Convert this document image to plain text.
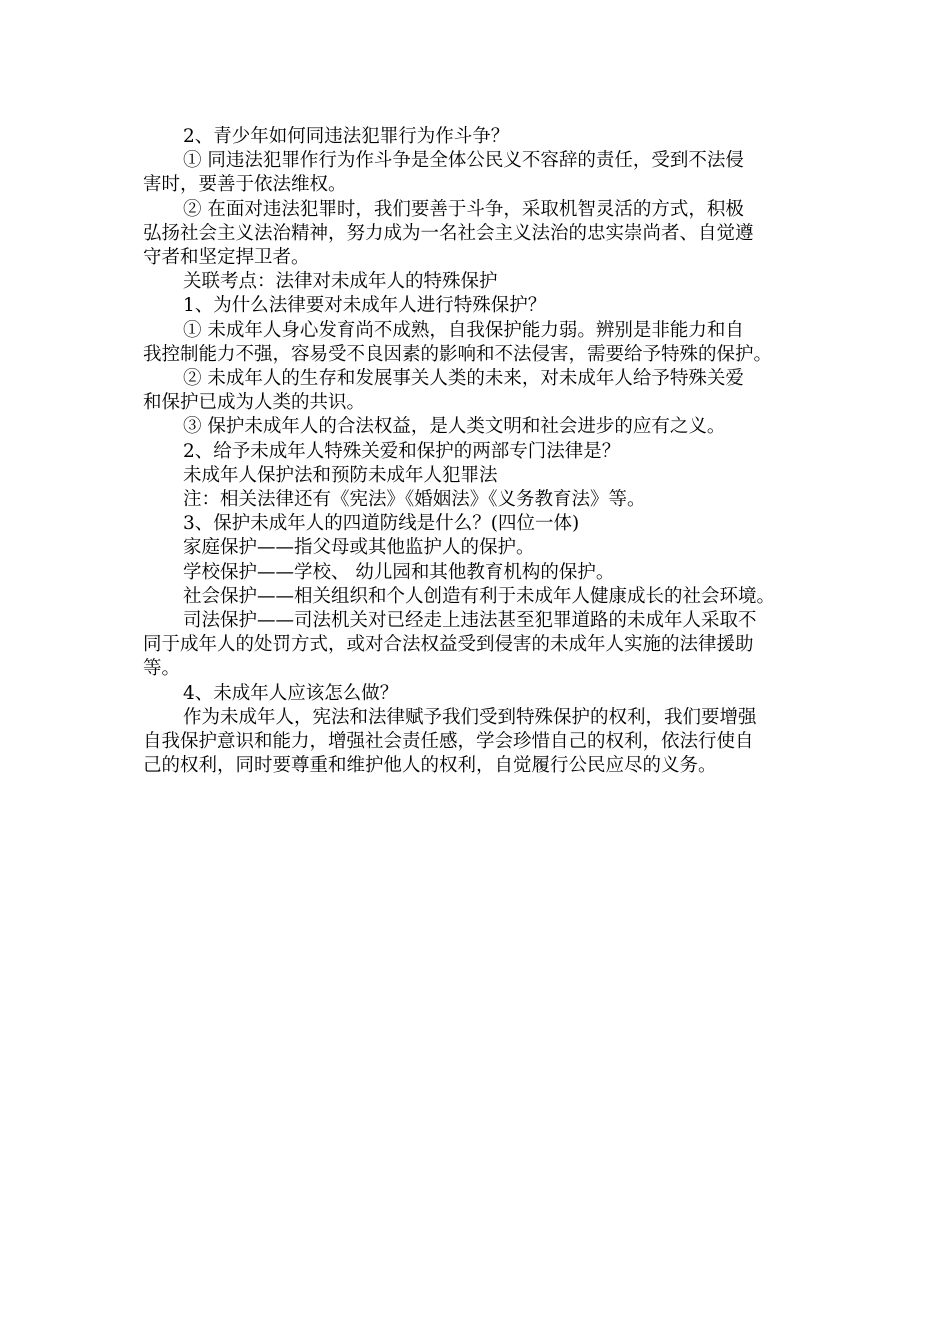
2、青少年如何同违法犯罪行为作斗争？

① 同违法犯罪作行为作斗争是全体公民义不容辞的责任，受到不法侵

害时，要善于依法维权。

② 在面对违法犯罪时，我们要善于斗争，采取机智灵活的方式，积极

弘扬社会主义法治精神，努力成为一名社会主义法治的忠实崇尚者、自觉遵

守者和坚定捍卫者。

关联考点：法律对未成年人的特殊保护

1、为什么法律要对未成年人进行特殊保护？

① 未成年人身心发育尚不成熟，自我保护能力弱。辨别是非能力和自

我控制能力不强，容易受不良因素的影响和不法侵害，需要给予特殊的保护。

② 未成年人的生存和发展事关人类的未来，对未成年人给予特殊关爱

和保护已成为人类的共识。

③ 保护未成年人的合法权益，是人类文明和社会进步的应有之义。

2、给予未成年人特殊关爱和保护的两部专门法律是？

未成年人保护法和预防未成年人犯罪法

注：相关法律还有《宪法》《婚姻法》《义务教育法》等。

3、保护未成年人的四道防线是什么？(四位一体)

家庭保护——指父母或其他监护人的保护。

学校保护——学校、 幼儿园和其他教育机构的保护。

社会保护——相关组织和个人创造有利于未成年人健康成长的社会环境。

司法保护——司法机关对已经走上违法甚至犯罪道路的未成年人采取不

同于成年人的处罚方式，或对合法权益受到侵害的未成年人实施的法律援助

等。

4、未成年人应该怎么做？

作为未成年人，宪法和法律赋予我们受到特殊保护的权利，我们要增强

自我保护意识和能力，增强社会责任感，学会珍惜自己的权利，依法行使自

己的权利，同时要尊重和维护他人的权利，自觉履行公民应尽的义务。
